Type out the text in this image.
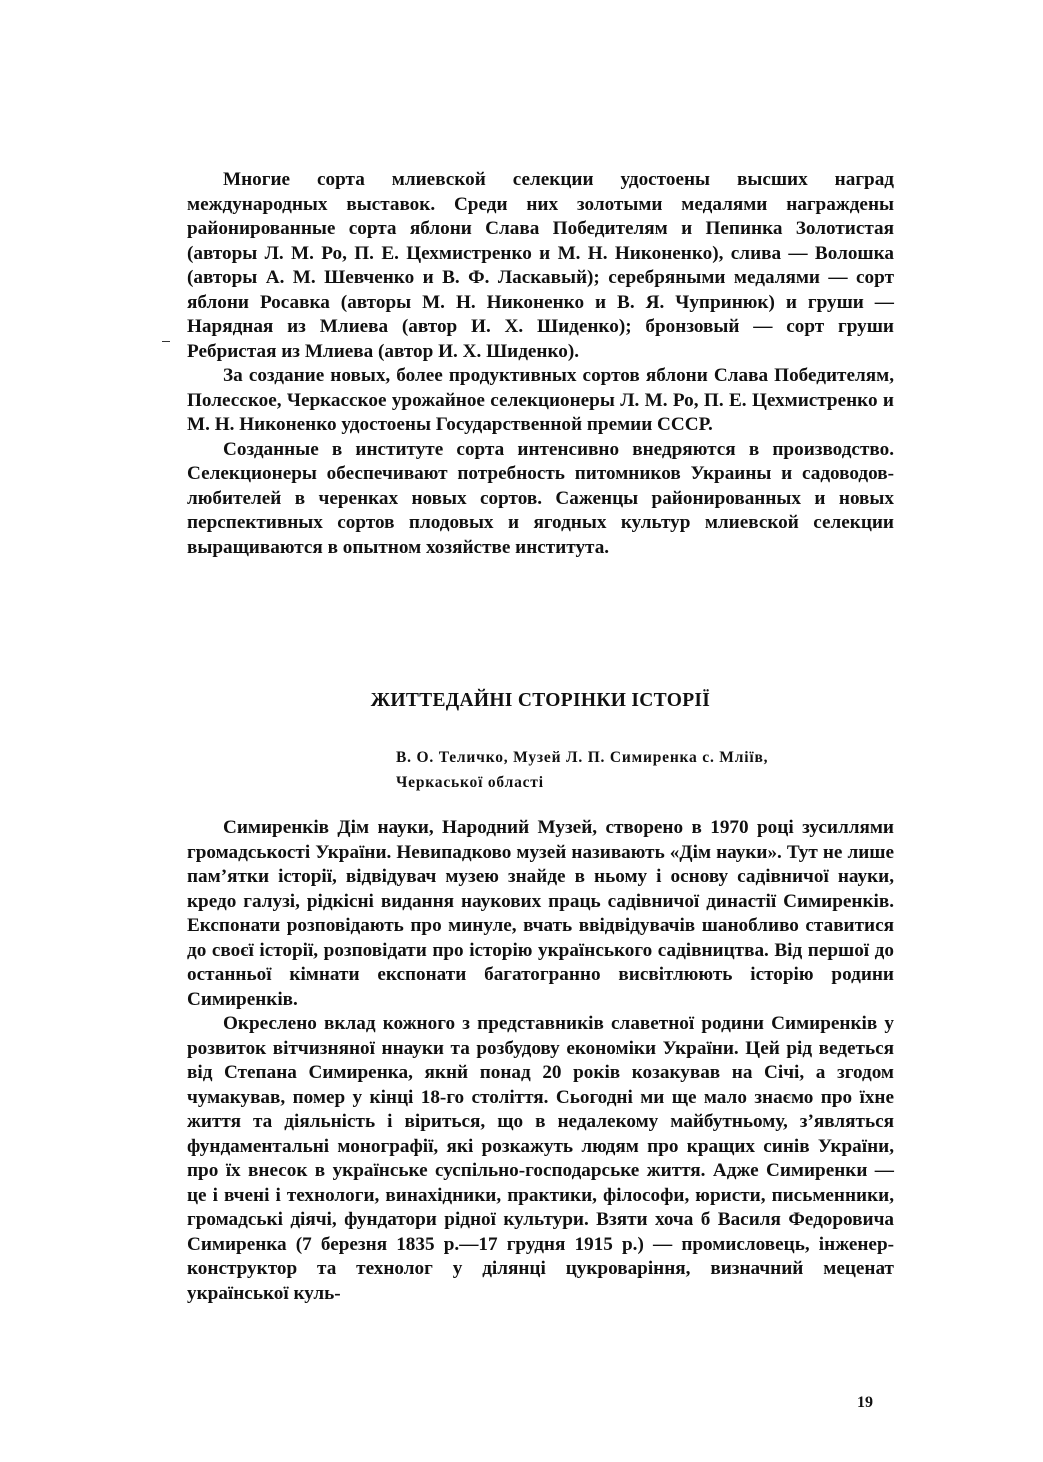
Многие сорта млиевской селекции удостоены высших наград международных выставок. Среди них золотыми медалями награждены районированные сорта яблони Слава Победителям и Пепинка Золотистая (авторы Л. М. Ро, П. Е. Цехмистренко и М. Н. Никоненко), слива — Волошка (авторы А. М. Шевченко и В. Ф. Ласкавый); серебряными медалями — сорт яблони Росавка (авторы М. Н. Никоненко и В. Я. Чупринюк) и груши — Нарядная из Млиева (автор И. Х. Шиденко); бронзовый — сорт груши Ребристая из Млиева (автор И. Х. Шиденко).

За создание новых, более продуктивных сортов яблони Слава Победителям, Полесское, Черкасское урожайное селекционеры Л. М. Ро, П. Е. Цехмистренко и М. Н. Никоненко удостоены Государственной премии СССР.

Созданные в институте сорта интенсивно внедряются в производство. Селекционеры обеспечивают потребность питомников Украины и садоводов-любителей в черенках новых сортов. Саженцы районированных и новых перспективных сортов плодовых и ягодных культур млиевской селекции выращиваются в опытном хозяйстве института.

ЖИТТЕДАЙНІ СТОРІНКИ ІСТОРІЇ
В. О. Теличко, Музей Л. П. Симиренка с. Мліїв,
Черкаської області

Симиренків Дім науки, Народний Музей, створено в 1970 році зусиллями громадськості України. Невипадково музей називають «Дім науки». Тут не лише пам’ятки історії, відвідувач музею знайде в ньому і основу садівничої науки, кредо галузі, рідкісні видання наукових праць садівничої династії Симиренків. Експонати розповідають про минуле, вчать ввідвідувачів шанобливо ставитися до своєї історії, розповідати про історію українського садівництва. Від першої до останньої кімнати експонати багатогранно висвітлюють історію родини Симиренків.

Окреслено вклад кожного з представників славетної родини Симиренків у розвиток вітчизняної ннауки та розбудову економіки України. Цей рід ведеться від Степана Симиренка, якнй понад 20 років козакував на Січі, а згодом чумакував, помер у кінці 18-го століття. Сьогодні ми ще мало знаємо про їхне життя та діяльність і віриться, що в недалекому майбутньому, з’являться фундаментальні монографії, які розкажуть людям про кращих синів України, про їх внесок в українське суспільно-господарське життя. Адже Симиренки — це і вчені і технологи, винахідники, практики, філософи, юристи, письменники, громадські діячі, фундатори рідної культури. Взяти хоча б Василя Федоровича Симиренка (7 березня 1835 р.—17 грудня 1915 р.) — промисловець, інженер-конструктор та технолог у ділянці цукроваріння, визначний меценат української куль-

19
